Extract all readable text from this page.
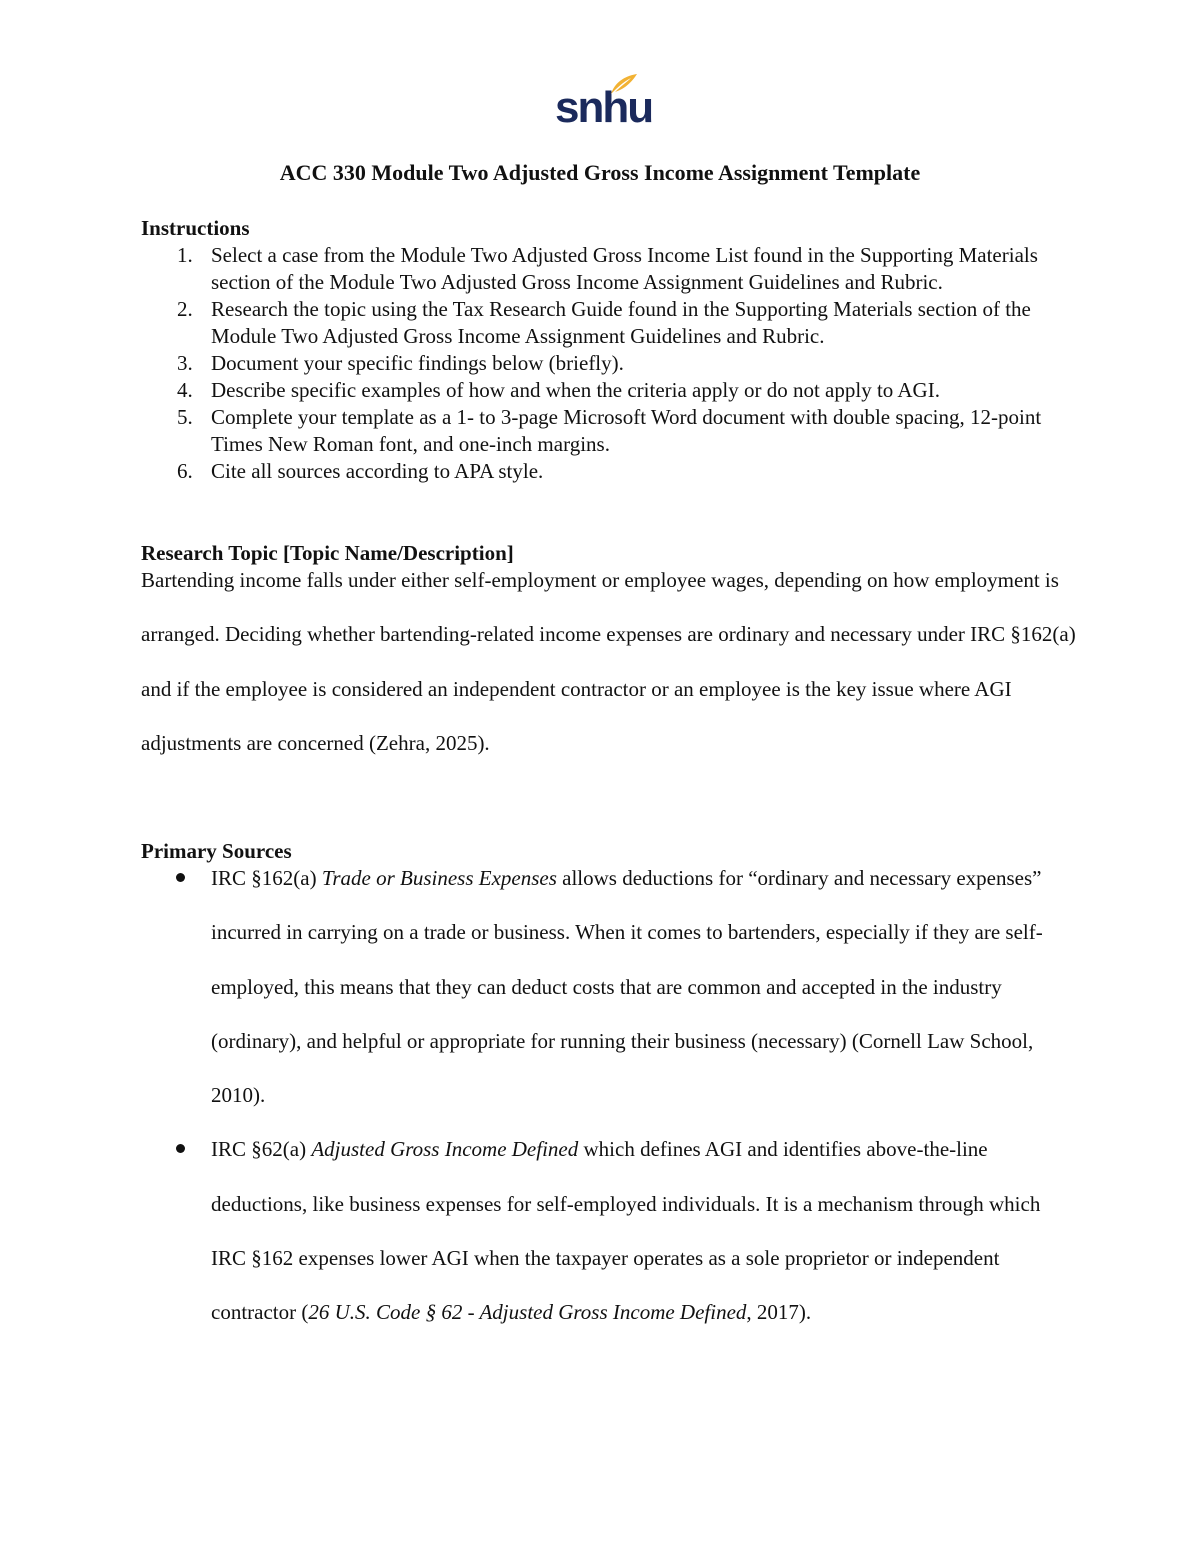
snhu
ACC 330 Module Two Adjusted Gross Income Assignment Template
Instructions
1. Select a case from the Module Two Adjusted Gross Income List found in the Supporting Materials section of the Module Two Adjusted Gross Income Assignment Guidelines and Rubric.
2. Research the topic using the Tax Research Guide found in the Supporting Materials section of the Module Two Adjusted Gross Income Assignment Guidelines and Rubric.
3. Document your specific findings below (briefly).
4. Describe specific examples of how and when the criteria apply or do not apply to AGI.
5. Complete your template as a 1- to 3-page Microsoft Word document with double spacing, 12-point Times New Roman font, and one-inch margins.
6. Cite all sources according to APA style.
Research Topic [Topic Name/Description]

Bartending income falls under either self-employment or employee wages, depending on how employment is arranged. Deciding whether bartending-related income expenses are ordinary and necessary under IRC §162(a) and if the employee is considered an independent contractor or an employee is the key issue where AGI adjustments are concerned (Zehra, 2025).

Primary Sources
IRC §162(a) Trade or Business Expenses allows deductions for “ordinary and necessary expenses” incurred in carrying on a trade or business. When it comes to bartenders, especially if they are self-employed, this means that they can deduct costs that are common and accepted in the industry (ordinary), and helpful or appropriate for running their business (necessary) (Cornell Law School, 2010).
IRC §62(a) Adjusted Gross Income Defined which defines AGI and identifies above-the-line deductions, like business expenses for self-employed individuals. It is a mechanism through which IRC §162 expenses lower AGI when the taxpayer operates as a sole proprietor or independent contractor (26 U.S. Code § 62 - Adjusted Gross Income Defined, 2017).
